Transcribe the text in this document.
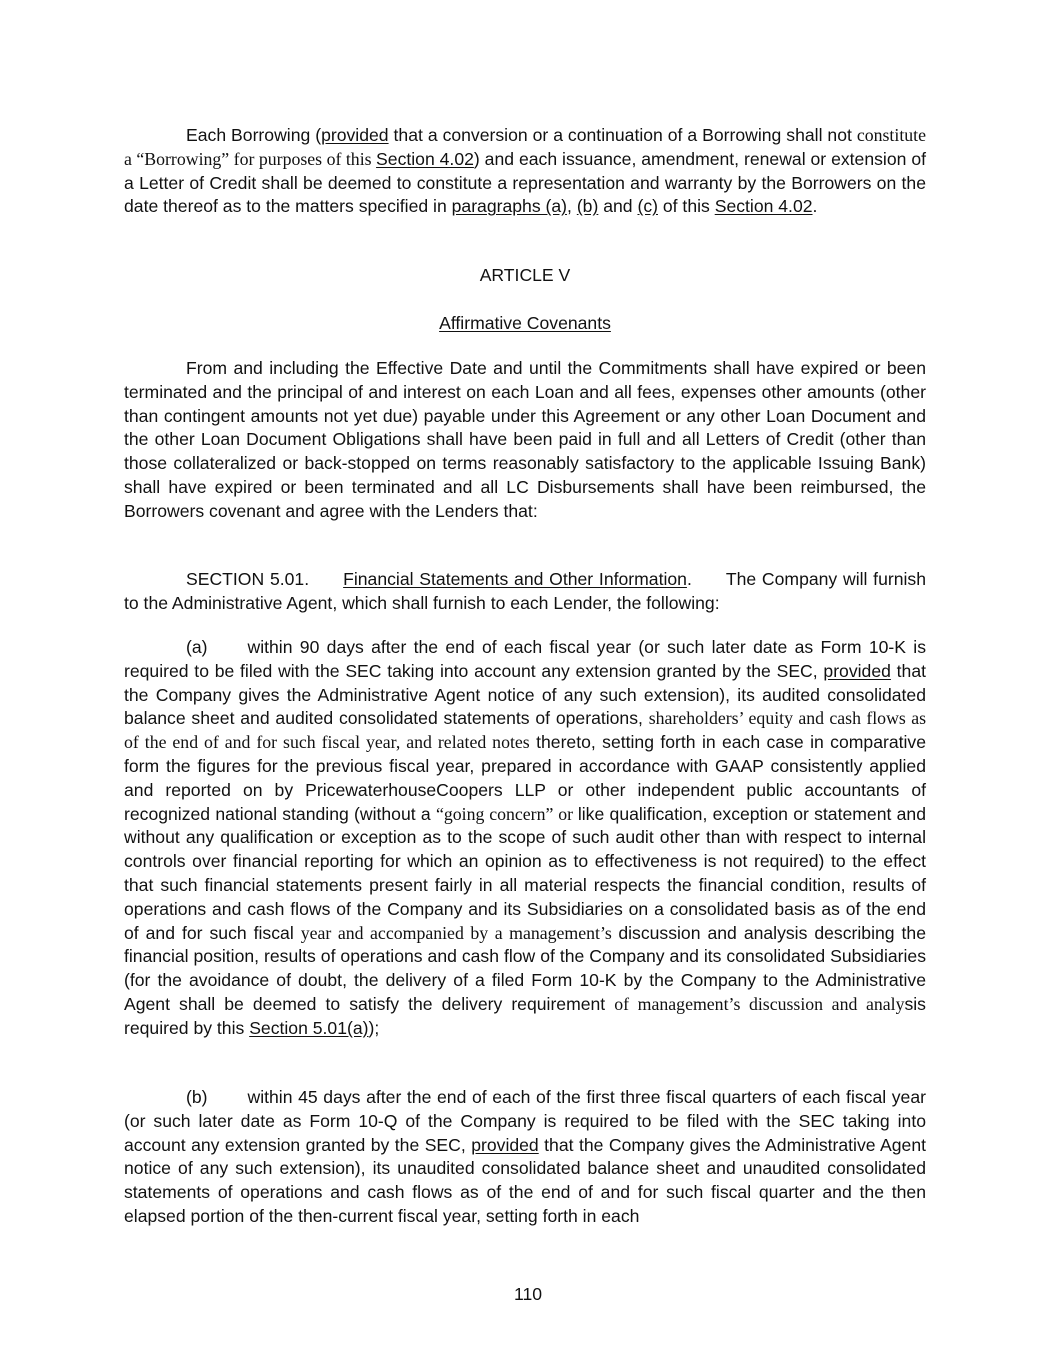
Each Borrowing (provided that a conversion or a continuation of a Borrowing shall not constitute a “Borrowing” for purposes of this Section 4.02) and each issuance, amendment, renewal or extension of a Letter of Credit shall be deemed to constitute a representation and warranty by the Borrowers on the date thereof as to the matters specified in paragraphs (a), (b) and (c) of this Section 4.02.
ARTICLE V
Affirmative Covenants
From and including the Effective Date and until the Commitments shall have expired or been terminated and the principal of and interest on each Loan and all fees, expenses other amounts (other than contingent amounts not yet due) payable under this Agreement or any other Loan Document and the other Loan Document Obligations shall have been paid in full and all Letters of Credit (other than those collateralized or back-stopped on terms reasonably satisfactory to the applicable Issuing Bank) shall have expired or been terminated and all LC Disbursements shall have been reimbursed, the Borrowers covenant and agree with the Lenders that:
SECTION 5.01. Financial Statements and Other Information. The Company will furnish to the Administrative Agent, which shall furnish to each Lender, the following:
(a) within 90 days after the end of each fiscal year (or such later date as Form 10-K is required to be filed with the SEC taking into account any extension granted by the SEC, provided that the Company gives the Administrative Agent notice of any such extension), its audited consolidated balance sheet and audited consolidated statements of operations, shareholders’ equity and cash flows as of the end of and for such fiscal year, and related notes thereto, setting forth in each case in comparative form the figures for the previous fiscal year, prepared in accordance with GAAP consistently applied and reported on by PricewaterhouseCoopers LLP or other independent public accountants of recognized national standing (without a “going concern” or like qualification, exception or statement and without any qualification or exception as to the scope of such audit other than with respect to internal controls over financial reporting for which an opinion as to effectiveness is not required) to the effect that such financial statements present fairly in all material respects the financial condition, results of operations and cash flows of the Company and its Subsidiaries on a consolidated basis as of the end of and for such fiscal year and accompanied by a management’s discussion and analysis describing the financial position, results of operations and cash flow of the Company and its consolidated Subsidiaries (for the avoidance of doubt, the delivery of a filed Form 10-K by the Company to the Administrative Agent shall be deemed to satisfy the delivery requirement of management’s discussion and analysis required by this Section 5.01(a));
(b) within 45 days after the end of each of the first three fiscal quarters of each fiscal year (or such later date as Form 10-Q of the Company is required to be filed with the SEC taking into account any extension granted by the SEC, provided that the Company gives the Administrative Agent notice of any such extension), its unaudited consolidated balance sheet and unaudited consolidated statements of operations and cash flows as of the end of and for such fiscal quarter and the then elapsed portion of the then-current fiscal year, setting forth in each
110
